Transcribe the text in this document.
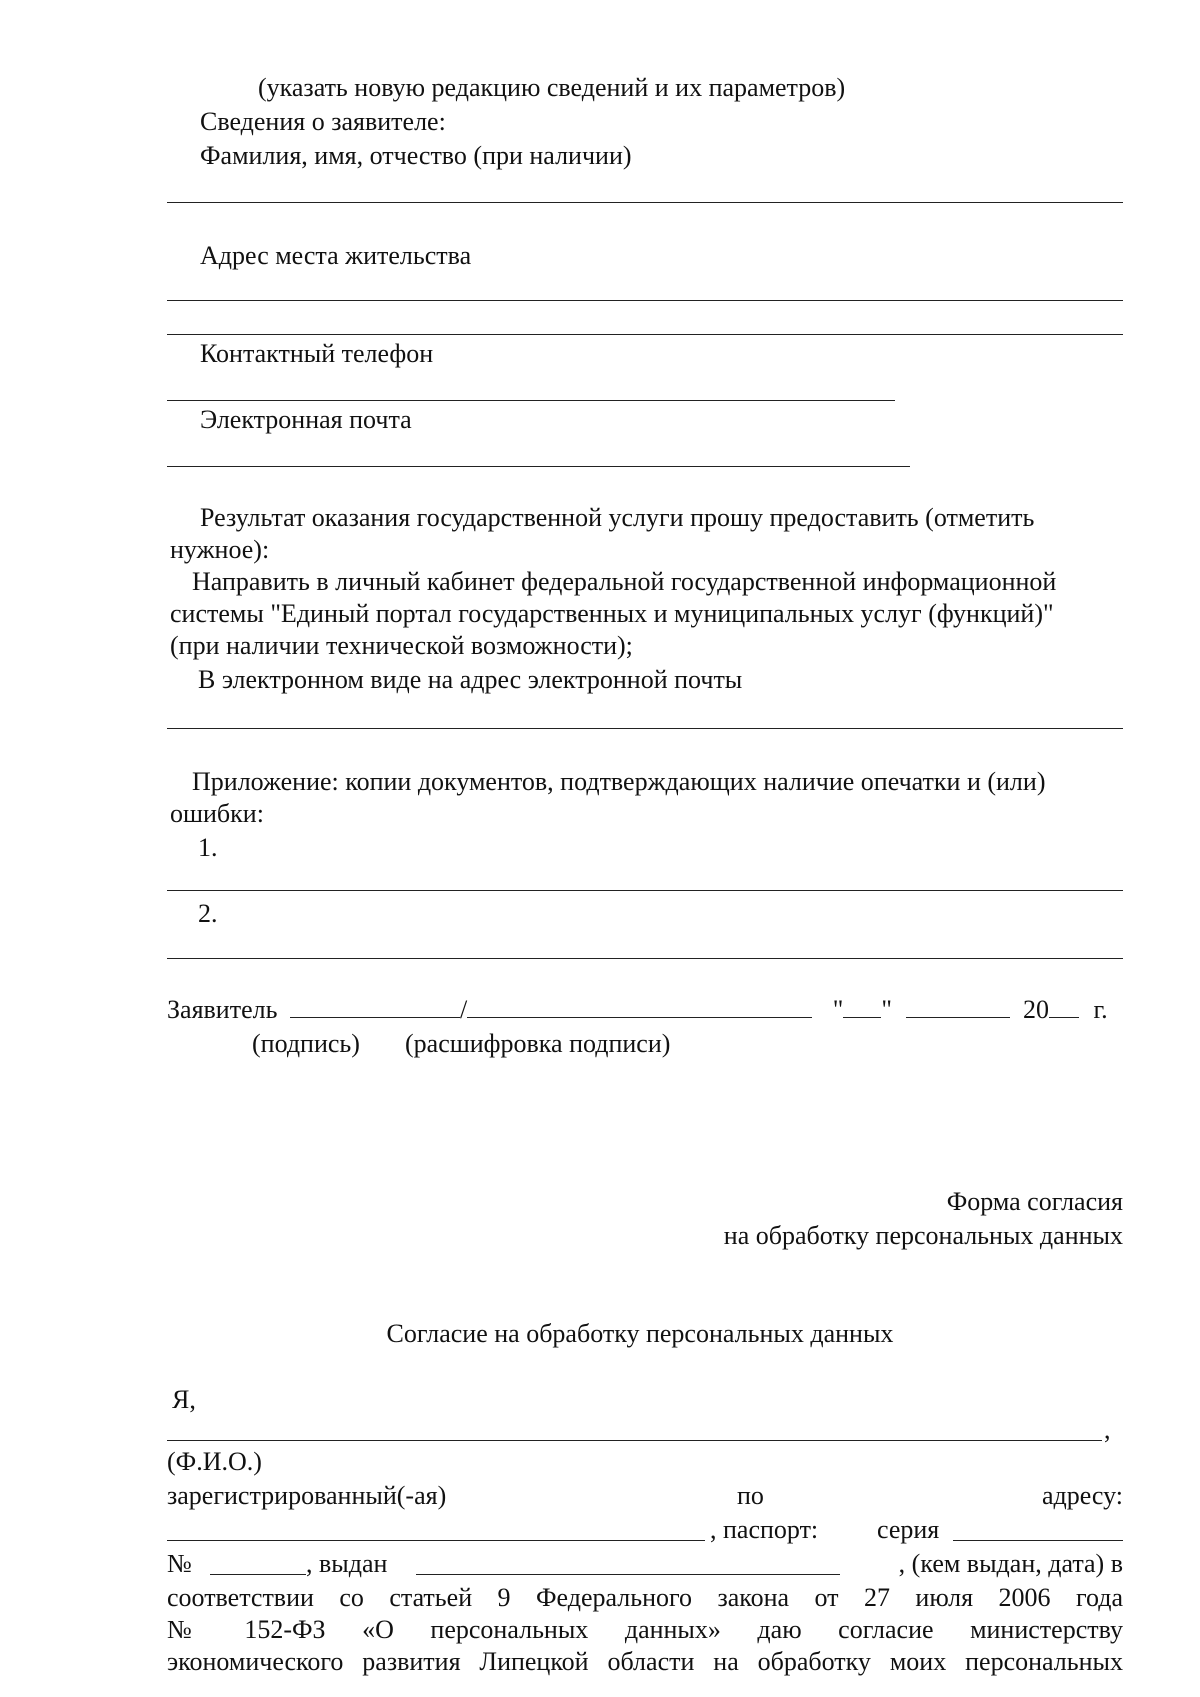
(указать новую редакцию сведений и их параметров)
Сведения о заявителе:
Фамилия, имя, отчество (при наличии)
Адрес места жительства
Контактный телефон
Электронная почта
Результат оказания государственной услуги прошу предоставить (отметить
нужное):
Направить в личный кабинет федеральной государственной информационной
системы "Единый портал государственных и муниципальных услуг (функций)"
(при наличии технической возможности);
В электронном виде на адрес электронной почты
Приложение: копии документов, подтверждающих наличие опечатки и (или)
ошибки:
1.
2.
Заявитель	/	" "	20 г.
(подпись) (расшифровка подписи)
Форма согласия
на обработку персональных данных
Согласие на обработку персональных данных
Я,
,
(Ф.И.О.)
зарегистрированный(-ая)	по	адресу:
, паспорт: серия
№	, выдан	, (кем выдан, дата) в
соответствии со статьей 9 Федерального закона от 27 июля 2006 года
№ 152-ФЗ «О персональных данных» даю согласие министерству
экономического развития Липецкой области на обработку моих персональных
